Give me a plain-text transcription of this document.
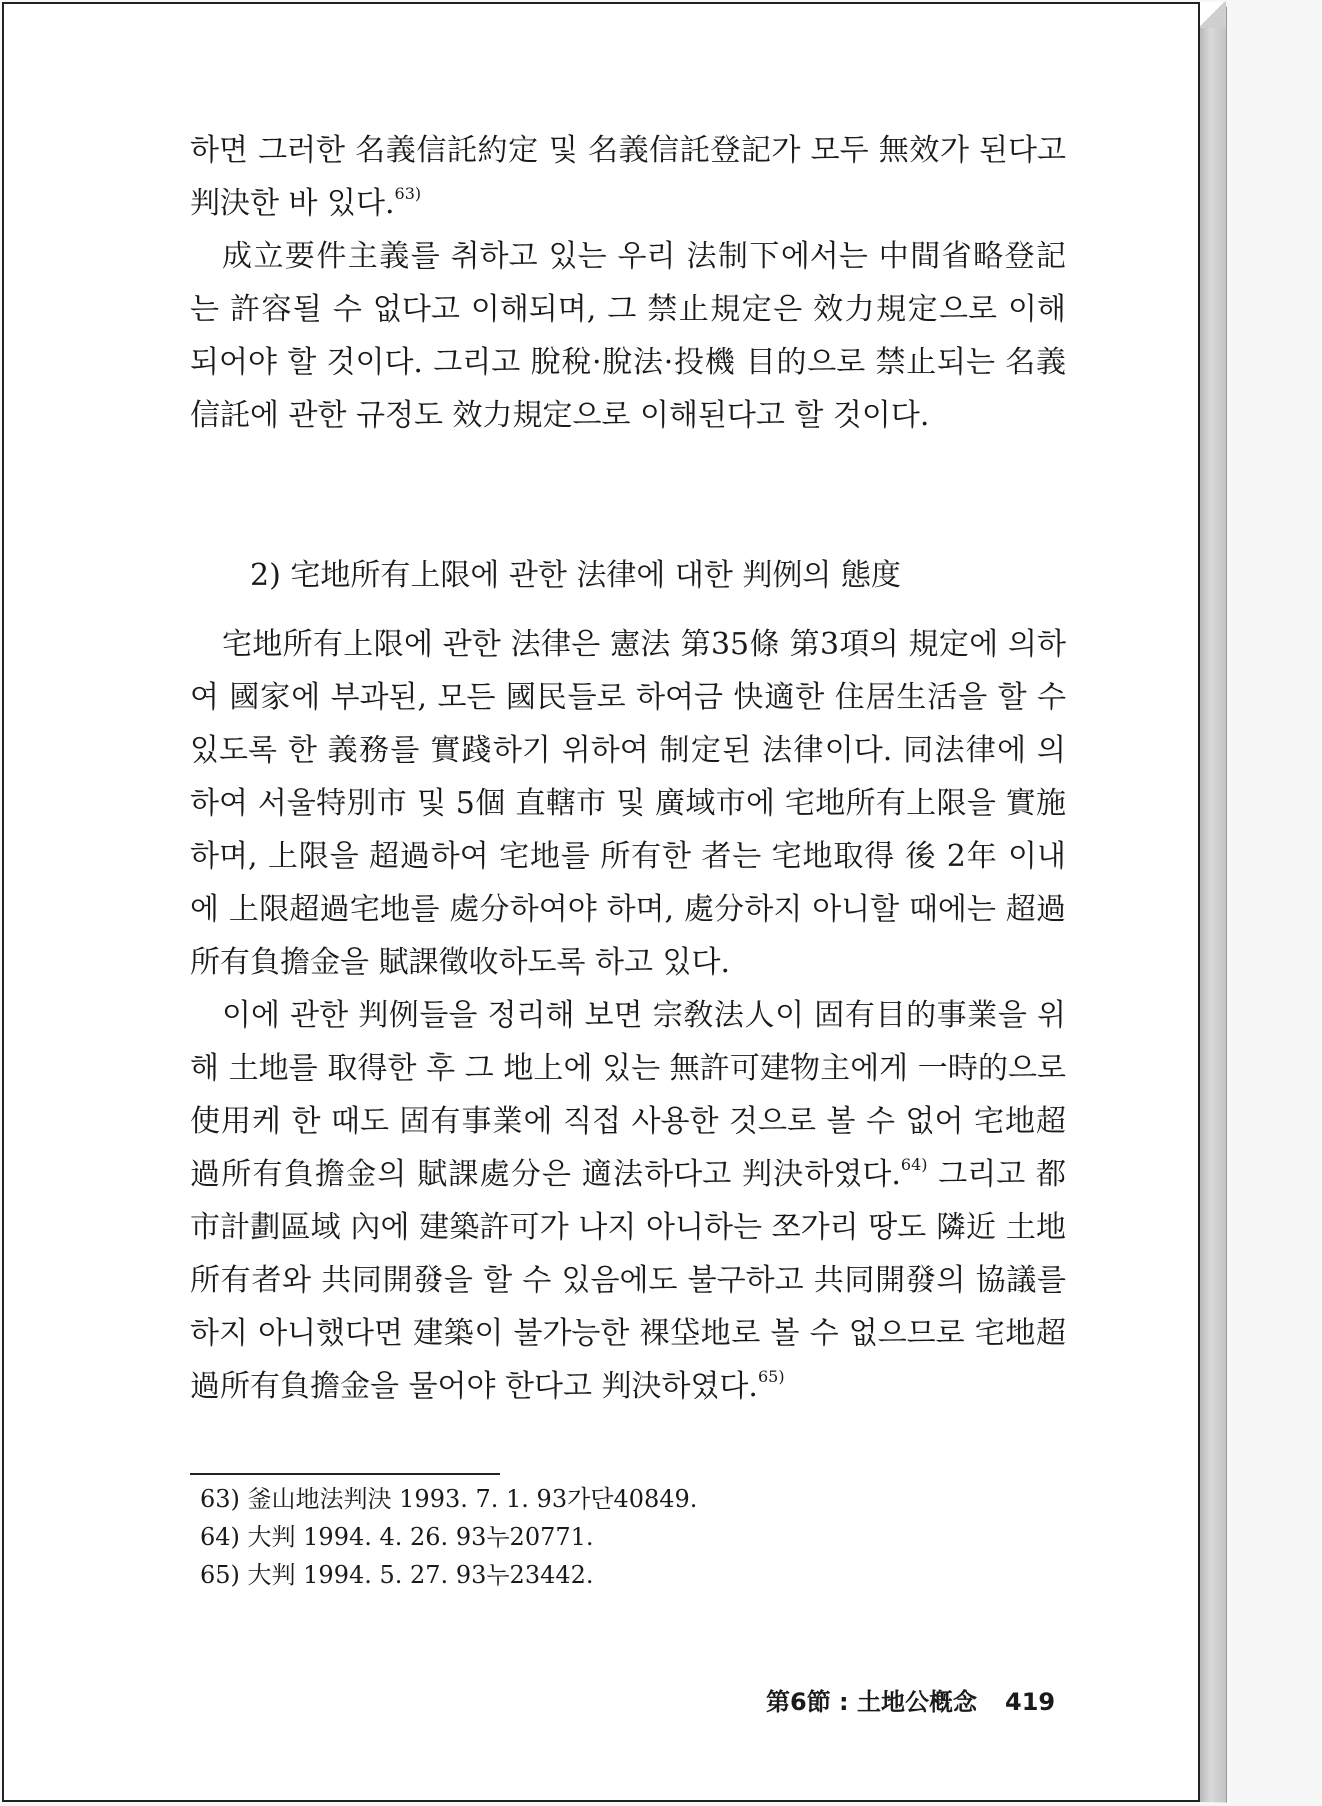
하면 그러한 名義信託約定 및 名義信託登記가 모두 無效가 된다고 判決한 바 있다.$^{63)}$

成立要件主義를 취하고 있는 우리 法制下에서는 中間省略登記는 許容될 수 없다고 이해되며, 그 禁止規定은 效力規定으로 이해되어야 할 것이다. 그리고 脫稅·脫法·投機 目的으로 禁止되는 名義信託에 관한 규정도 效力規定으로 이해된다고 할 것이다.

2) 宅地所有上限에 관한 法律에 대한 判例의 態度

宅地所有上限에 관한 法律은 憲法 第35條 第3項의 規定에 의하여 國家에 부과된, 모든 國民들로 하여금 快適한 住居生活을 할 수 있도록 한 義務를 實踐하기 위하여 制定된 法律이다. 同法律에 의하여 서울特別市 및 5個 直轄市 및 廣域市에 宅地所有上限을 實施하며, 上限을 超過하여 宅地를 所有한 者는 宅地取得 後 2年 이내에 上限超過宅地를 處分하여야 하며, 處分하지 아니할 때에는 超過所有負擔金을 賦課徵收하도록 하고 있다.

이에 관한 判例들을 정리해 보면 宗敎法人이 固有目的事業을 위해 土地를 取得한 후 그 地上에 있는 無許可建物主에게 一時的으로 使用케 한 때도 固有事業에 직접 사용한 것으로 볼 수 없어 宅地超過所有負擔金의 賦課處分은 適法하다고 判決하였다.$^{64)}$ 그리고 都市計劃區域 內에 建築許可가 나지 아니하는 쪼가리 땅도 隣近 土地所有者와 共同開發을 할 수 있음에도 불구하고 共同開發의 協議를 하지 아니했다면 建築이 불가능한 裸垈地로 볼 수 없으므로 宅地超過所有負擔金을 물어야 한다고 判決하였다.$^{65)}$

63) 釜山地法判決 1993. 7. 1. 93가단40849.
64) 大判 1994. 4. 26. 93누20771.
65) 大判 1994. 5. 27. 93누23442.
第6節 : 土地公槪念 419
